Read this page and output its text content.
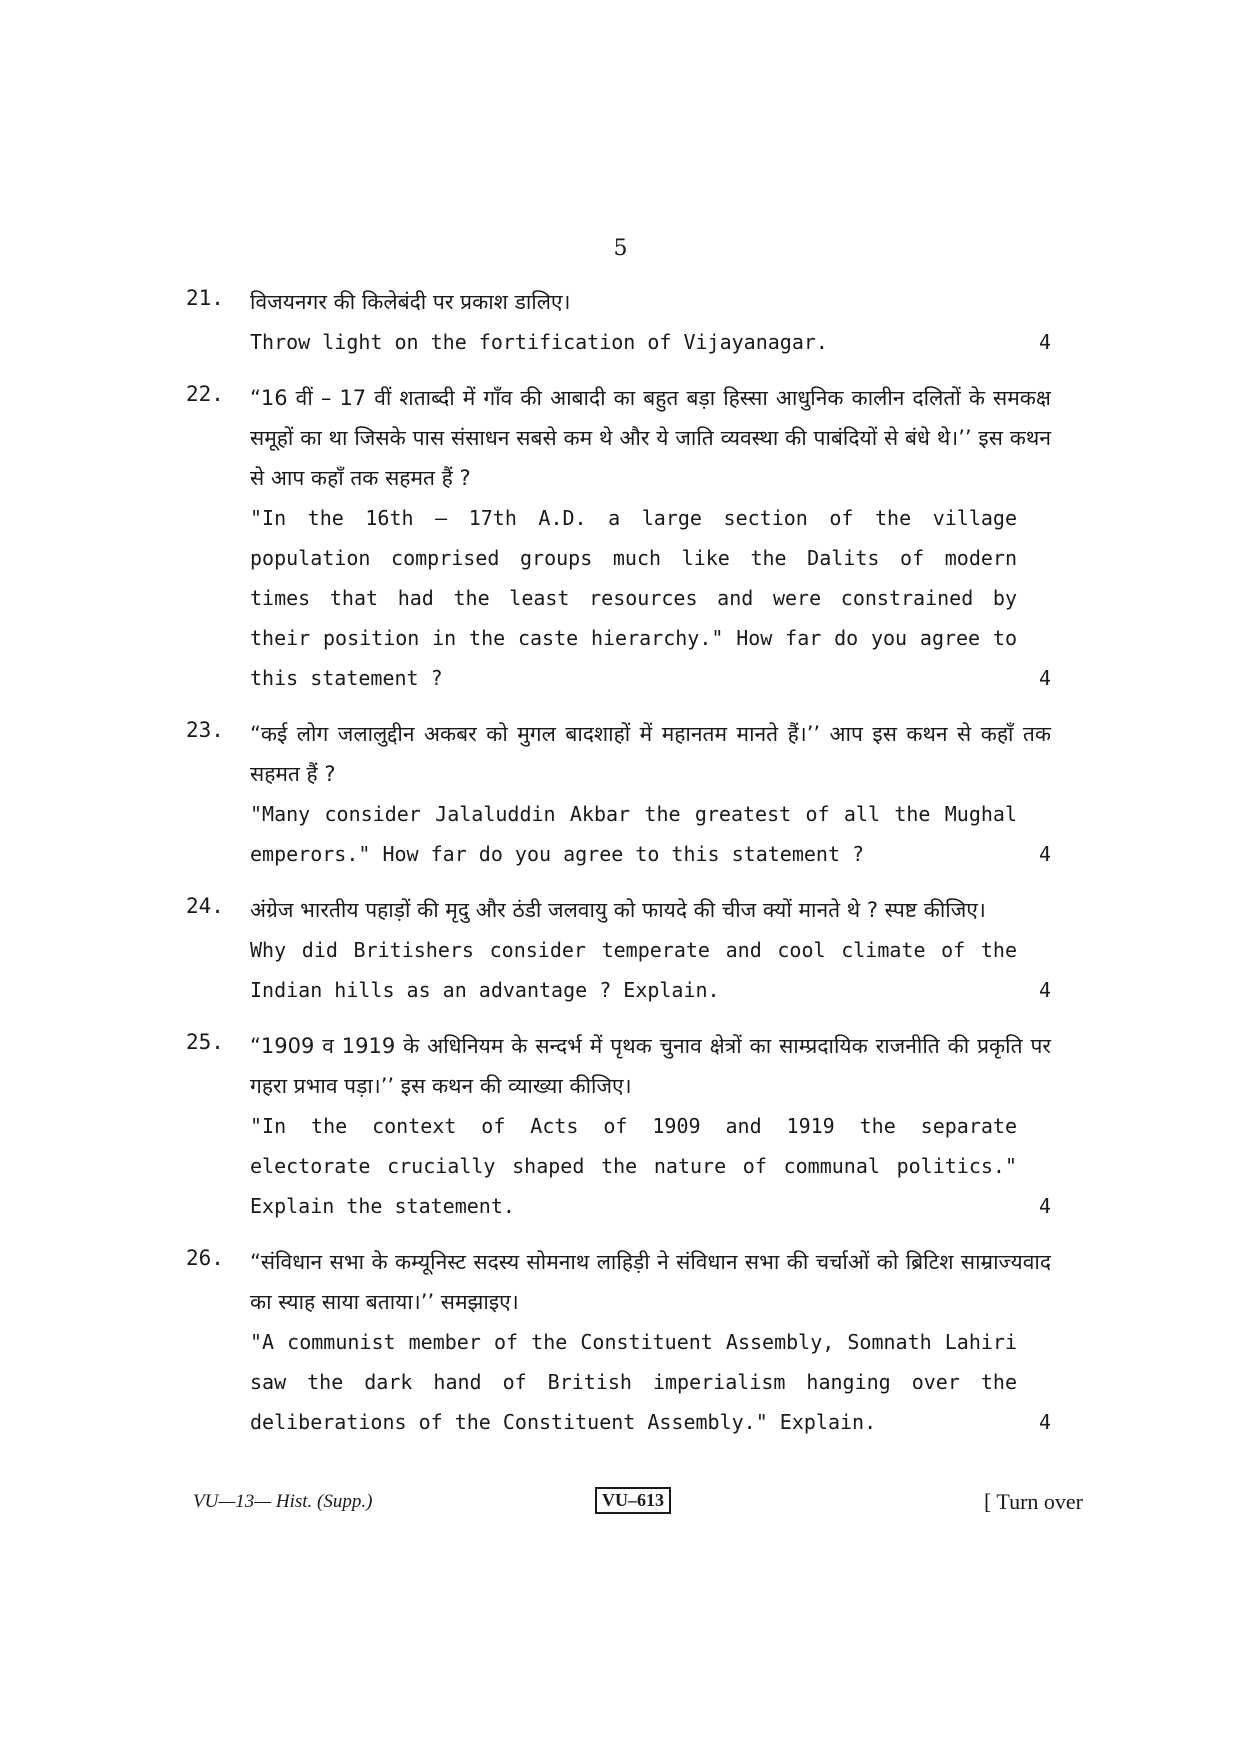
5
21. विजयनगर की किलेबंदी पर प्रकाश डालिए।

Throw light on the fortification of Vijayanagar.	4

22. “16 वीं – 17 वीं शताब्दी में गाँव की आबादी का बहुत बड़ा हिस्सा आधुनिक कालीन दलितों के समकक्ष समूहों का था जिसके पास संसाधन सबसे कम थे और ये जाति व्यवस्था की पाबंदियों से बंधे थे।’’ इस कथन से आप कहाँ तक सहमत हैं ?

"In the 16th – 17th A.D. a large section of the village population comprised groups much like the Dalits of modern times that had the least resources and were constrained by their position in the caste hierarchy." How far do you agree to this statement ?	4

23. “कई लोग जलालुद्दीन अकबर को मुगल बादशाहों में महानतम मानते हैं।’’ आप इस कथन से कहाँ तक सहमत हैं ?

"Many consider Jalaluddin Akbar the greatest of all the Mughal emperors." How far do you agree to this statement ?	4

24. अंग्रेज भारतीय पहाड़ों की मृदु और ठंडी जलवायु को फायदे की चीज क्यों मानते थे ? स्पष्ट कीजिए।

Why did Britishers consider temperate and cool climate of the Indian hills as an advantage ? Explain.	4

25. “1909 व 1919 के अधिनियम के सन्दर्भ में पृथक चुनाव क्षेत्रों का साम्प्रदायिक राजनीति की प्रकृति पर गहरा प्रभाव पड़ा।’’ इस कथन की व्याख्या कीजिए।

"In the context of Acts of 1909 and 1919 the separate electorate crucially shaped the nature of communal politics." Explain the statement.	4

26. “संविधान सभा के कम्यूनिस्ट सदस्य सोमनाथ लाहिड़ी ने संविधान सभा की चर्चाओं को ब्रिटिश साम्राज्यवाद का स्याह साया बताया।’’ समझाइए।

"A communist member of the Constituent Assembly, Somnath Lahiri saw the dark hand of British imperialism hanging over the deliberations of the Constituent Assembly." Explain.	4

VU—13— Hist. (Supp.)	VU–613	[ Turn over
